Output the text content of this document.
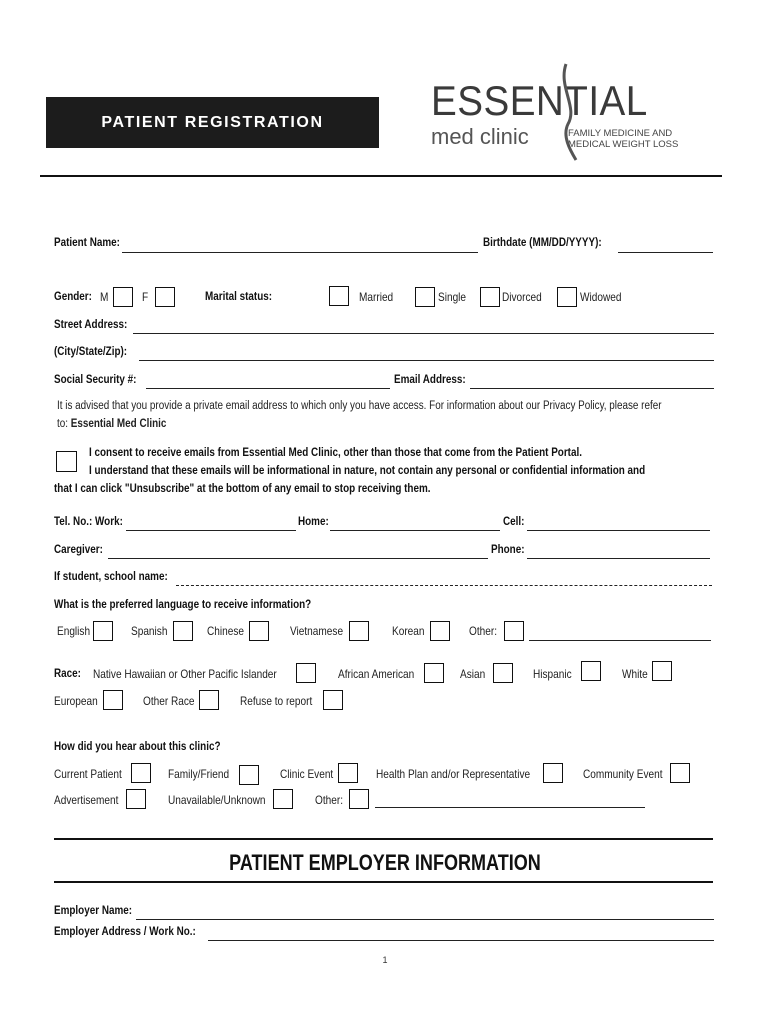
PATIENT REGISTRATION	ESSENTIAL
med clinic	FAMILY MEDICINE AND
MEDICAL WEIGHT LOSS
Patient Name:	Birthdate (MM/DD/YYYY):
Gender: M	F	Marital status:	Married	Single	Divorced	Widowed
Street Address:
(City/State/Zip):
Social Security #:	Email Address:
It is advised that you provide a private email address to which only you have access. For information about our Privacy Policy, please refer
to: Essential Med Clinic
I consent to receive emails from Essential Med Clinic, other than those that come from the Patient Portal.
I understand that these emails will be informational in nature, not contain any personal or confidential information and
that I can click "Unsubscribe" at the bottom of any email to stop receiving them.
Tel. No.: Work:	Home:	Cell:
Caregiver:	Phone:
If student, school name:
What is the preferred language to receive information?
English	Spanish	Chinese	Vietnamese	Korean	Other:
Race: Native Hawaiian or Other Pacific Islander	African American	Asian	Hispanic	White
European	Other Race	Refuse to report
How did you hear about this clinic?
Current Patient	Family/Friend	Clinic Event	Health Plan and/or Representative	Community Event
Advertisement	Unavailable/Unknown	Other:
PATIENT EMPLOYER INFORMATION
Employer Name:
Employer Address / Work No.:
1
